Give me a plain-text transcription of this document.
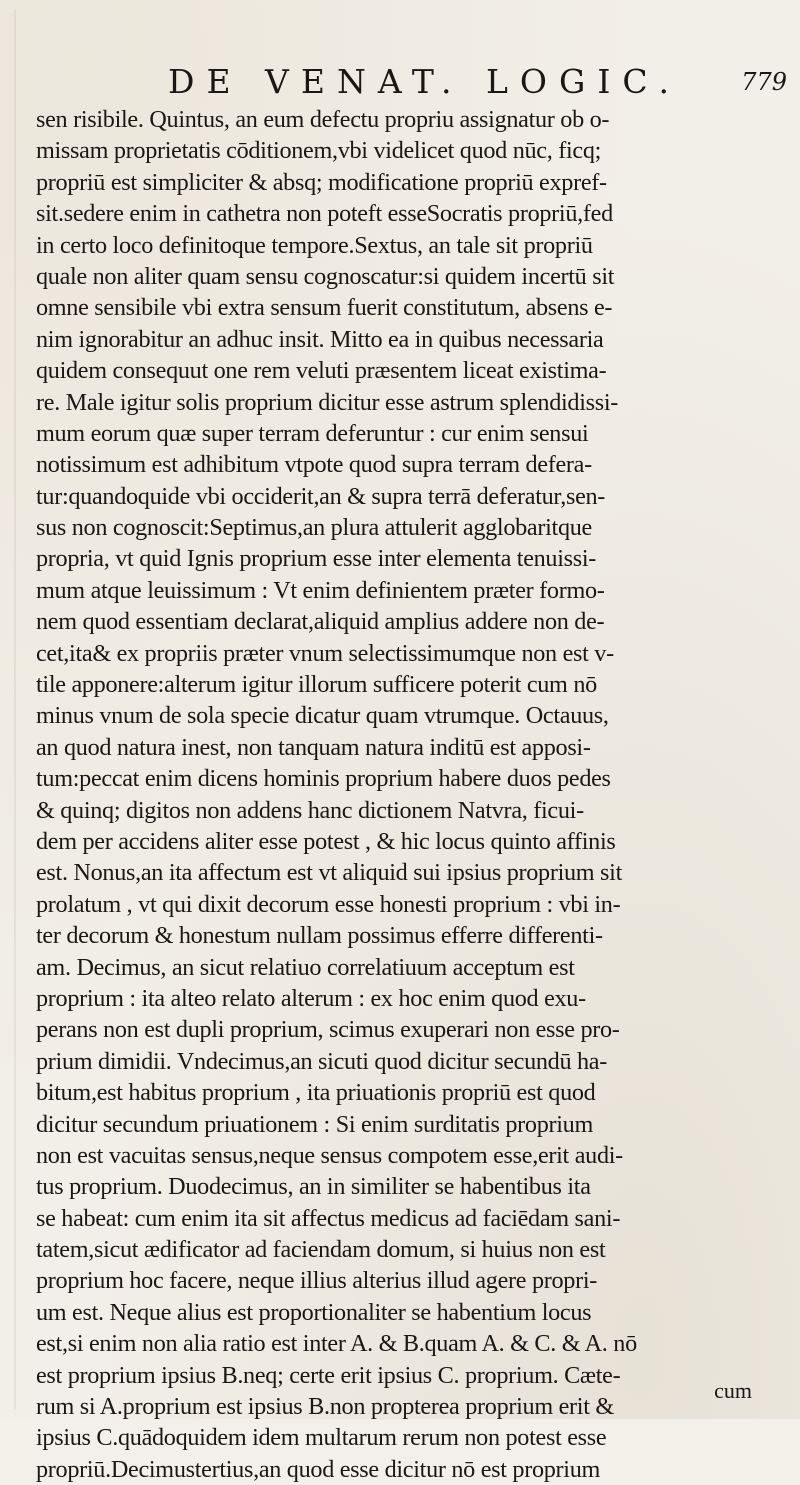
DE VENAT. LOGIC.	779
sen risibile. Quintus, an eum defectu propriu assignatur ob o-
missam proprietatis cōditionem,vbi videlicet quod nūc, ficq;
propriū est simpliciter & absq; modificatione propriū expref-
sit.sedere enim in cathetra non poteft esseSocratis propriū,fed
in certo loco definitoque tempore.Sextus, an tale sit propriū
quale non aliter quam sensu cognoscatur:si quidem incertū sit
omne sensibile vbi extra sensum fuerit constitutum, absens e-
nim ignorabitur an adhuc insit. Mitto ea in quibus necessaria
quidem consequut one rem veluti præsentem liceat existima-
re. Male igitur solis proprium dicitur esse astrum splendidissi-
mum eorum quæ super terram deferuntur : cur enim sensui
notissimum est adhibitum vtpote quod supra terram defera-
tur:quandoquide vbi occiderit,an & supra terrā deferatur,sen-
sus non cognoscit:Septimus,an plura attulerit agglobaritque
propria, vt quid Ignis proprium esse inter elementa tenuissi-
mum atque leuissimum : Vt enim definientem præter formo-
nem quod essentiam declarat,aliquid amplius addere non de-
cet,ita& ex propriis præter vnum selectissimumque non est v-
tile apponere:alterum igitur illorum sufficere poterit cum nō
minus vnum de sola specie dicatur quam vtrumque. Octauus,
an quod natura inest, non tanquam natura inditū est apposi-
tum:peccat enim dicens hominis proprium habere duos pedes
& quinq; digitos non addens hanc dictionem Natvra, ficui-
dem per accidens aliter esse potest , & hic locus quinto affinis
est. Nonus,an ita affectum est vt aliquid sui ipsius proprium sit
prolatum , vt qui dixit decorum esse honesti proprium : vbi in-
ter decorum & honestum nullam possimus efferre differenti-
am. Decimus, an sicut relatiuo correlatiuum acceptum est
proprium : ita alteo relato alterum : ex hoc enim quod exu-
perans non est dupli proprium, scimus exuperari non esse pro-
prium dimidii. Vndecimus,an sicuti quod dicitur secundū ha-
bitum,est habitus proprium , ita priuationis propriū est quod
dicitur secundum priuationem : Si enim surditatis proprium
non est vacuitas sensus,neque sensus compotem esse,erit audi-
tus proprium. Duodecimus, an in similiter se habentibus ita
se habeat: cum enim ita sit affectus medicus ad faciēdam sani-
tatem,sicut ædificator ad faciendam domum, si huius non est
proprium hoc facere, neque illius alterius illud agere propri-
um est. Neque alius est proportionaliter se habentium locus
est,si enim non alia ratio est inter A. & B.quam A. & C. & A. nō
est proprium ipsius B.neq; certe erit ipsius C. proprium. Cæte-
rum si A.proprium est ipsius B.non propterea proprium erit &
ipsius C.quādoquidem idem multarum rerum non potest esse
propriū.Decimustertius,an quod esse dicitur nō est proprium
cum
